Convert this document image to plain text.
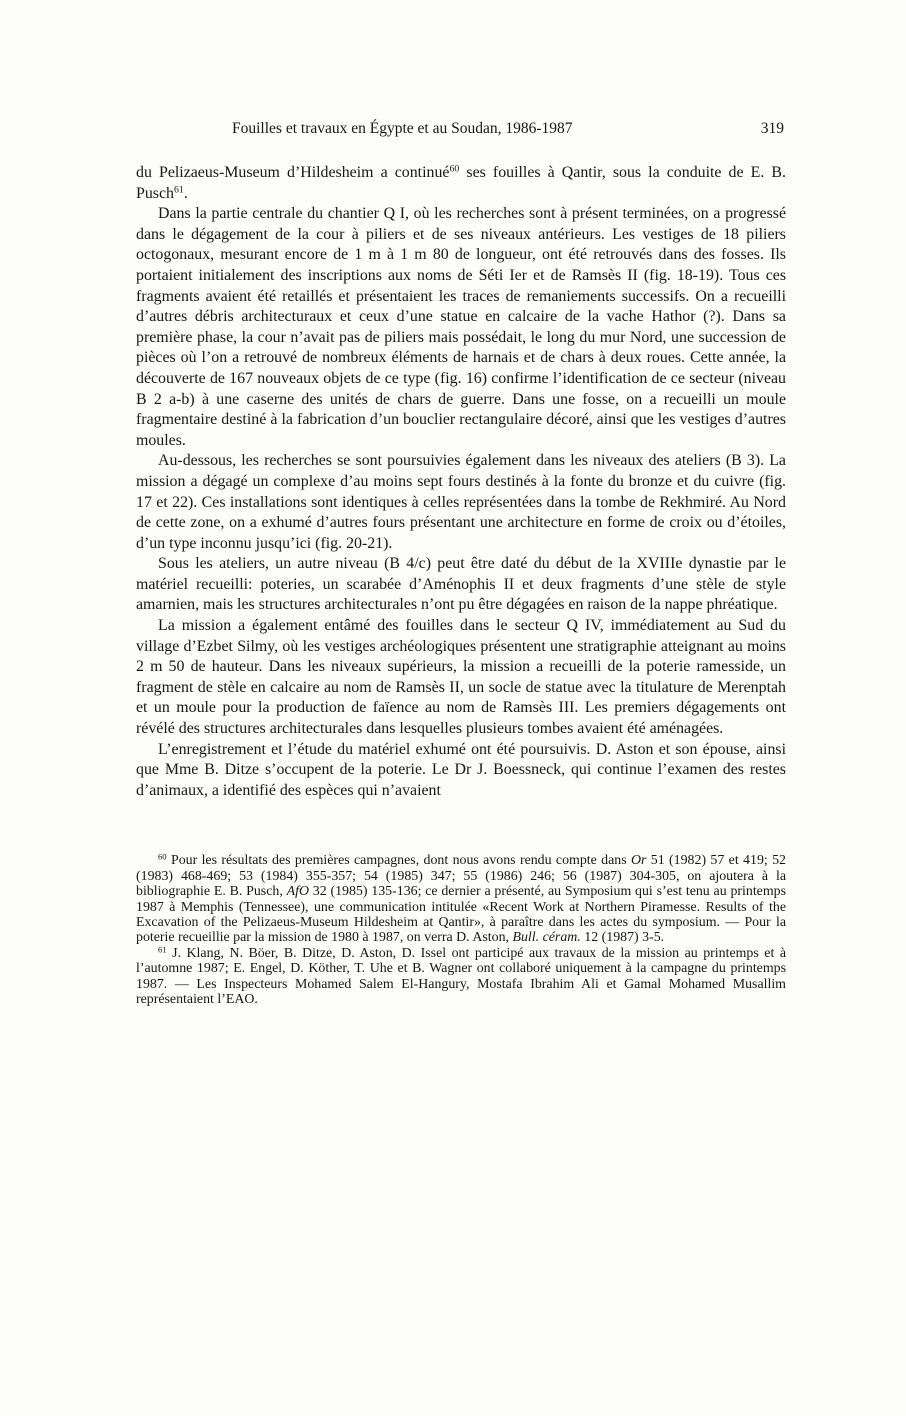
Fouilles et travaux en Égypte et au Soudan, 1986-1987	319

du Pelizaeus-Museum d’Hildesheim a continué$^{60}$ ses fouilles à Qantir, sous la conduite de E. B. Pusch$^{61}$.

Dans la partie centrale du chantier Q I, où les recherches sont à présent terminées, on a progressé dans le dégagement de la cour à piliers et de ses niveaux antérieurs. Les vestiges de 18 piliers octogonaux, mesurant encore de 1 m à 1 m 80 de longueur, ont été retrouvés dans des fosses. Ils portaient initialement des inscriptions aux noms de Séti Ier et de Ramsès II (fig. 18-19). Tous ces fragments avaient été retaillés et présentaient les traces de remaniements successifs. On a recueilli d’autres débris architecturaux et ceux d’une statue en calcaire de la vache Hathor (?). Dans sa première phase, la cour n’avait pas de piliers mais possédait, le long du mur Nord, une succession de pièces où l’on a retrouvé de nombreux éléments de harnais et de chars à deux roues. Cette année, la découverte de 167 nouveaux objets de ce type (fig. 16) confirme l’identification de ce secteur (niveau B 2 a-b) à une caserne des unités de chars de guerre. Dans une fosse, on a recueilli un moule fragmentaire destiné à la fabrication d’un bouclier rectangulaire décoré, ainsi que les vestiges d’autres moules.

Au-dessous, les recherches se sont poursuivies également dans les niveaux des ateliers (B 3). La mission a dégagé un complexe d’au moins sept fours destinés à la fonte du bronze et du cuivre (fig. 17 et 22). Ces installations sont identiques à celles représentées dans la tombe de Rekhmiré. Au Nord de cette zone, on a exhumé d’autres fours présentant une architecture en forme de croix ou d’étoiles, d’un type inconnu jusqu’ici (fig. 20-21).

Sous les ateliers, un autre niveau (B 4/c) peut être daté du début de la XVIIIe dynastie par le matériel recueilli: poteries, un scarabée d’Aménophis II et deux fragments d’une stèle de style amarnien, mais les structures architecturales n’ont pu être dégagées en raison de la nappe phréatique.

La mission a également entâmé des fouilles dans le secteur Q IV, immédiatement au Sud du village d’Ezbet Silmy, où les vestiges archéologiques présentent une stratigraphie atteignant au moins 2 m 50 de hauteur. Dans les niveaux supérieurs, la mission a recueilli de la poterie ramesside, un fragment de stèle en calcaire au nom de Ramsès II, un socle de statue avec la titulature de Merenptah et un moule pour la production de faïence au nom de Ramsès III. Les premiers dégagements ont révélé des structures architecturales dans lesquelles plusieurs tombes avaient été aménagées.

L’enregistrement et l’étude du matériel exhumé ont été poursuivis. D. Aston et son épouse, ainsi que Mme B. Ditze s’occupent de la poterie. Le Dr J. Boessneck, qui continue l’examen des restes d’animaux, a identifié des espèces qui n’avaient

$^{60}$ Pour les résultats des premières campagnes, dont nous avons rendu compte dans Or 51 (1982) 57 et 419; 52 (1983) 468-469; 53 (1984) 355-357; 54 (1985) 347; 55 (1986) 246; 56 (1987) 304-305, on ajoutera à la bibliographie E. B. Pusch, AfO 32 (1985) 135-136; ce dernier a présenté, au Symposium qui s’est tenu au printemps 1987 à Memphis (Tennessee), une communication intitulée «Recent Work at Northern Piramesse. Results of the Excavation of the Pelizaeus-Museum Hildesheim at Qantir», à paraître dans les actes du symposium. — Pour la poterie recueillie par la mission de 1980 à 1987, on verra D. Aston, Bull. céram. 12 (1987) 3-5.

$^{61}$ J. Klang, N. Böer, B. Ditze, D. Aston, D. Issel ont participé aux travaux de la mission au printemps et à l’automne 1987; E. Engel, D. Köther, T. Uhe et B. Wagner ont collaboré uniquement à la campagne du printemps 1987. — Les Inspecteurs Mohamed Salem El-Hangury, Mostafa Ibrahim Ali et Gamal Mohamed Musallim représentaient l’EAO.
